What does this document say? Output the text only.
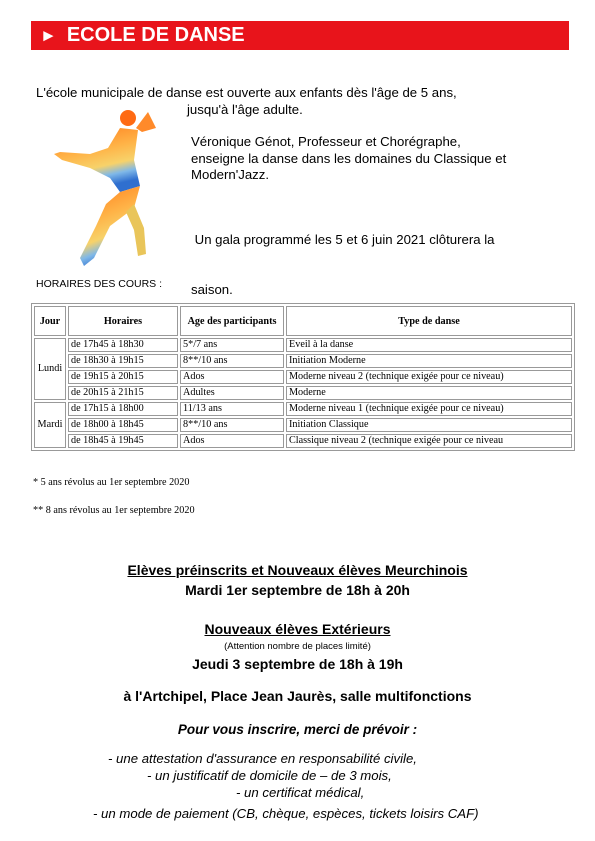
► ECOLE DE DANSE
L'école municipale de danse est ouverte aux enfants dès l'âge de 5 ans,
jusqu'à l'âge adulte.
Véronique Génot, Professeur et Chorégraphe,
enseigne la danse dans les domaines du Classique et
Modern'Jazz.

Un gala programmé les 5 et 6 juin 2021 clôturera la

saison.

HORAIRES DES COURS :
Jour	Horaires	Age des participants	Type de danse
Lundi	de 17h45 à 18h30	5*/7 ans	Eveil à la danse
	de 18h30 à 19h15	8**/10 ans	Initiation Moderne
	de 19h15 à 20h15	Ados	Moderne niveau 2 (technique exigée pour ce niveau)
	de 20h15 à 21h15	Adultes	Moderne
Mardi	de 17h15 à 18h00	11/13 ans	Moderne niveau 1 (technique exigée pour ce niveau)
	de 18h00 à 18h45	8**/10 ans	Initiation Classique
	de 18h45 à 19h45	Ados	Classique niveau 2 (technique exigée pour ce niveau
* 5 ans révolus au 1er septembre 2020
** 8 ans révolus au 1er septembre 2020
Elèves préinscrits et Nouveaux élèves Meurchinois
Mardi 1er septembre de 18h à 20h
Nouveaux élèves Extérieurs
(Attention nombre de places limité)
Jeudi 3 septembre de 18h à 19h
à l'Artchipel, Place Jean Jaurès, salle multifonctions
Pour vous inscrire, merci de prévoir :
- une attestation d'assurance en responsabilité civile,
- un justificatif de domicile de – de 3 mois,
- un certificat médical,
- un mode de paiement (CB, chèque, espèces, tickets loisirs CAF)
